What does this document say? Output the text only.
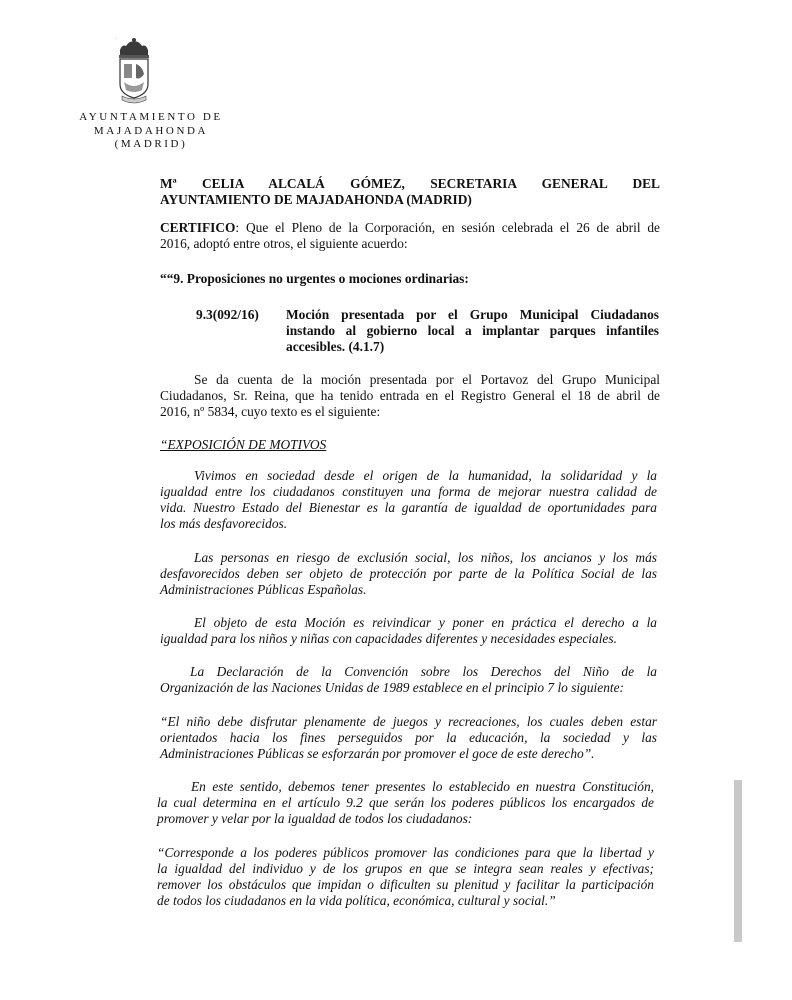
·
AYUNTAMIENTO DE
MAJADAHONDA
(MADRID)
Mª CELIA ALCALÁ GÓMEZ, SECRETARIA GENERAL DEL
AYUNTAMIENTO DE MAJADAHONDA (MADRID)
CERTIFICO: Que el Pleno de la Corporación, en sesión celebrada el 26 de abril de
2016, adoptó entre otros, el siguiente acuerdo:
““9. Proposiciones no urgentes o mociones ordinarias:
9.3(092/16) Moción presentada por el Grupo Municipal Ciudadanos
instando al gobierno local a implantar parques infantiles
accesibles. (4.1.7)
Se da cuenta de la moción presentada por el Portavoz del Grupo Municipal
Ciudadanos, Sr. Reina, que ha tenido entrada en el Registro General el 18 de abril de
2016, nº 5834, cuyo texto es el siguiente:
“EXPOSICIÓN DE MOTIVOS
Vivimos en sociedad desde el origen de la humanidad, la solidaridad y la
igualdad entre los ciudadanos constituyen una forma de mejorar nuestra calidad de
vida. Nuestro Estado del Bienestar es la garantía de igualdad de oportunidades para
los más desfavorecidos.
Las personas en riesgo de exclusión social, los niños, los ancianos y los más
desfavorecidos deben ser objeto de protección por parte de la Política Social de las
Administraciones Públicas Españolas.
El objeto de esta Moción es reivindicar y poner en práctica el derecho a la
igualdad para los niños y niñas con capacidades diferentes y necesidades especiales.
La Declaración de la Convención sobre los Derechos del Niño de la
Organización de las Naciones Unidas de 1989 establece en el principio 7 lo siguiente:
“El niño debe disfrutar plenamente de juegos y recreaciones, los cuales deben estar
orientados hacia los fines perseguidos por la educación, la sociedad y las
Administraciones Públicas se esforzarán por promover el goce de este derecho”.
En este sentido, debemos tener presentes lo establecido en nuestra Constitución,
la cual determina en el artículo 9.2 que serán los poderes públicos los encargados de
promover y velar por la igualdad de todos los ciudadanos:
“Corresponde a los poderes públicos promover las condiciones para que la libertad y
la igualdad del individuo y de los grupos en que se integra sean reales y efectivas;
remover los obstáculos que impidan o dificulten su plenitud y facilitar la participación
de todos los ciudadanos en la vida política, económica, cultural y social.”
